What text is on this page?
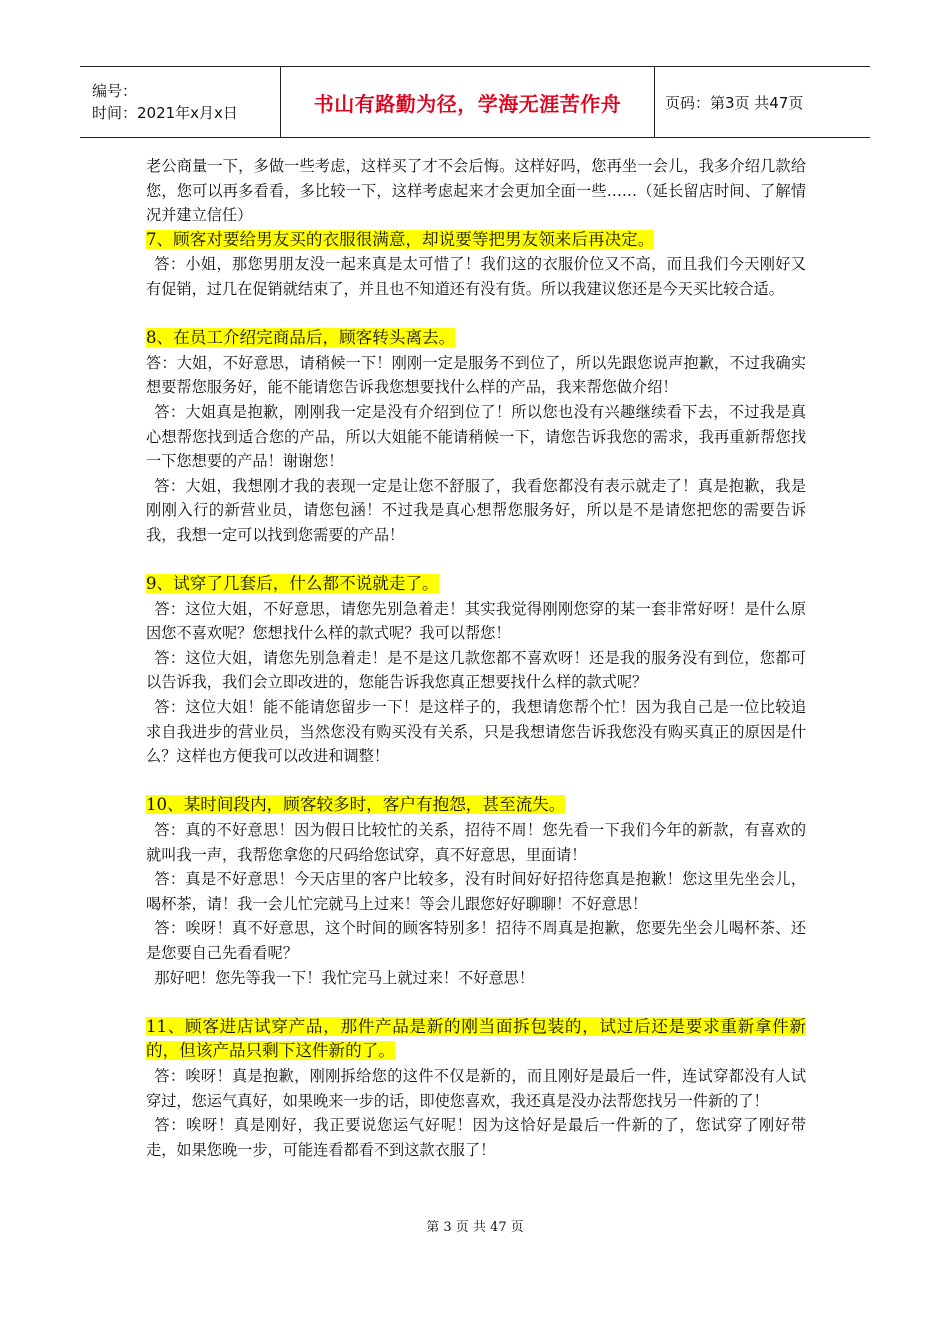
编号：
时间：2021年x月x日	书山有路勤为径，学海无涯苦作舟	页码：第3页 共47页

老公商量一下，多做一些考虑，这样买了才不会后悔。这样好吗，您再坐一会儿，我多介绍几款给您，您可以再多看看，多比较一下，这样考虑起来才会更加全面一些……（延长留店时间、了解情况并建立信任）

7、顾客对要给男友买的衣服很满意，却说要等把男友领来后再决定。

答：小姐，那您男朋友没一起来真是太可惜了！我们这的衣服价位又不高，而且我们今天刚好又有促销，过几在促销就结束了，并且也不知道还有没有货。所以我建议您还是今天买比较合适。

8、在员工介绍完商品后，顾客转头离去。

答：大姐，不好意思，请稍候一下！刚刚一定是服务不到位了，所以先跟您说声抱歉，不过我确实想要帮您服务好，能不能请您告诉我您想要找什么样的产品，我来帮您做介绍！

答：大姐真是抱歉，刚刚我一定是没有介绍到位了！所以您也没有兴趣继续看下去，不过我是真心想帮您找到适合您的产品，所以大姐能不能请稍候一下，请您告诉我您的需求，我再重新帮您找一下您想要的产品！谢谢您！

答：大姐，我想刚才我的表现一定是让您不舒服了，我看您都没有表示就走了！真是抱歉，我是刚刚入行的新营业员，请您包涵！不过我是真心想帮您服务好，所以是不是请您把您的需要告诉我，我想一定可以找到您需要的产品！

9、试穿了几套后，什么都不说就走了。

答：这位大姐，不好意思，请您先别急着走！其实我觉得刚刚您穿的某一套非常好呀！是什么原因您不喜欢呢？您想找什么样的款式呢？我可以帮您！

答：这位大姐，请您先别急着走！是不是这几款您都不喜欢呀！还是我的服务没有到位，您都可以告诉我，我们会立即改进的，您能告诉我您真正想要找什么样的款式呢？

答：这位大姐！能不能请您留步一下！是这样子的，我想请您帮个忙！因为我自己是一位比较追求自我进步的营业员，当然您没有购买没有关系，只是我想请您告诉我您没有购买真正的原因是什么？这样也方便我可以改进和调整！

10、某时间段内，顾客较多时，客户有抱怨，甚至流失。

答：真的不好意思！因为假日比较忙的关系，招待不周！您先看一下我们今年的新款，有喜欢的就叫我一声，我帮您拿您的尺码给您试穿，真不好意思，里面请！

答：真是不好意思！今天店里的客户比较多，没有时间好好招待您真是抱歉！您这里先坐会儿，喝杯茶，请！我一会儿忙完就马上过来！等会儿跟您好好聊聊！不好意思！

答：唉呀！真不好意思，这个时间的顾客特别多！招待不周真是抱歉，您要先坐会儿喝杯茶、还是您要自己先看看呢？

那好吧！您先等我一下！我忙完马上就过来！不好意思！

11、顾客进店试穿产品，那件产品是新的刚当面拆包装的，试过后还是要求重新拿件新的，但该产品只剩下这件新的了。

答：唉呀！真是抱歉，刚刚拆给您的这件不仅是新的，而且刚好是最后一件，连试穿都没有人试穿过，您运气真好，如果晚来一步的话，即使您喜欢，我还真是没办法帮您找另一件新的了！

答：唉呀！真是刚好，我正要说您运气好呢！因为这恰好是最后一件新的了，您试穿了刚好带走，如果您晚一步，可能连看都看不到这款衣服了！

第 3 页 共 47 页
